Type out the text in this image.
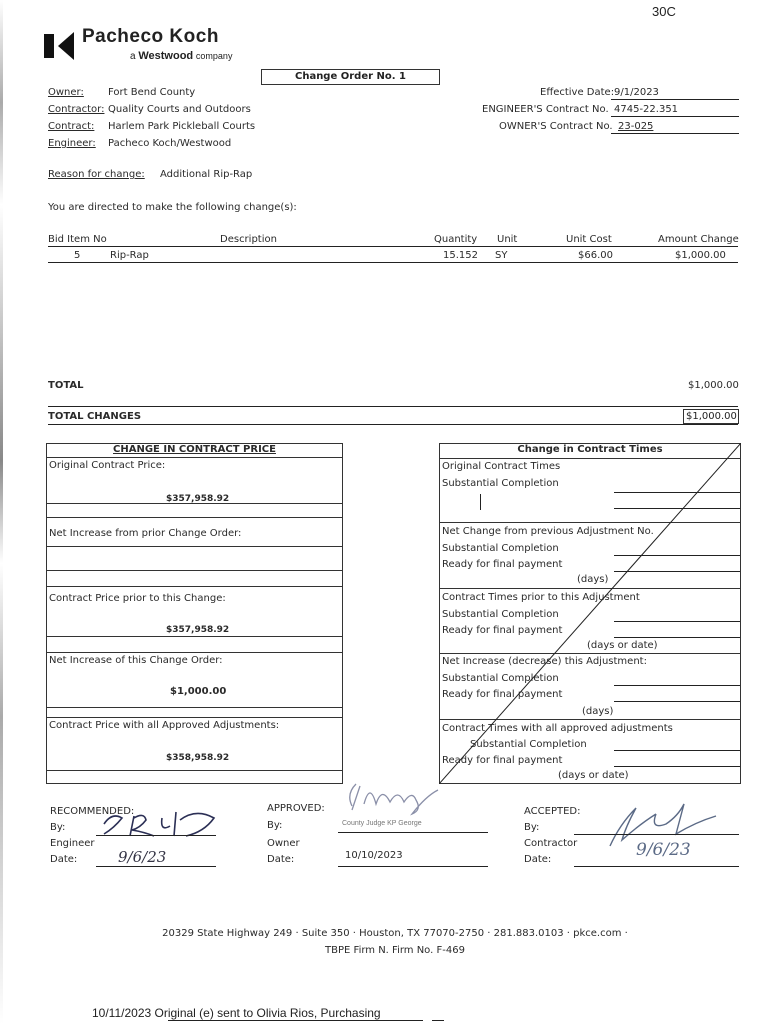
30C
Pacheco Koch
a Westwood company
Change Order No. 1
Owner: Fort Bend County
Contractor: Quality Courts and Outdoors
Contract: Harlem Park Pickleball Courts
Engineer: Pacheco Koch/Westwood
Effective Date: 9/1/2023
ENGINEER'S Contract No. 4745-22.351
OWNER'S Contract No. 23-025
Reason for change: Additional Rip-Rap
You are directed to make the following change(s):
Bid Item No	Description	Quantity Unit	Unit Cost	Amount Change
5	Rip-Rap	15.152 SY	$66.00	$1,000.00
TOTAL	$1,000.00
TOTAL CHANGES	$1,000.00
CHANGE IN CONTRACT PRICE
Original Contract Price:
$357,958.92
Net Increase from prior Change Order:
Contract Price prior to this Change:
$357,958.92
Net Increase of this Change Order:
$1,000.00
Contract Price with all Approved Adjustments:
$358,958.92
Change in Contract Times
Original Contract Times
Substantial Completion
Net Change from previous Adjustment No.
Substantial Completion
Ready for final payment
(days)
Contract Times prior to this Adjustment
Substantial Completion
Ready for final payment
(days or date)
Net Increase (decrease) this Adjustment:
Substantial Completion
Ready for final payment
(days)
Contract Times with all approved adjustments
Substantial Completion
Ready for final payment
(days or date)
RECOMMENDED:
By:
Engineer
Date:	9/6/23
APPROVED:
By:
Owner
Date:
County Judge KP George
10/10/2023
ACCEPTED:
By:
Contractor
Date:	9/6/23
20329 State Highway 249 · Suite 350 · Houston, TX 77070-2750 · 281.883.0103 · pkce.com ·
TBPE Firm N. Firm No. F-469
10/11/2023 Original (e) sent to Olivia Rios, Purchasing
